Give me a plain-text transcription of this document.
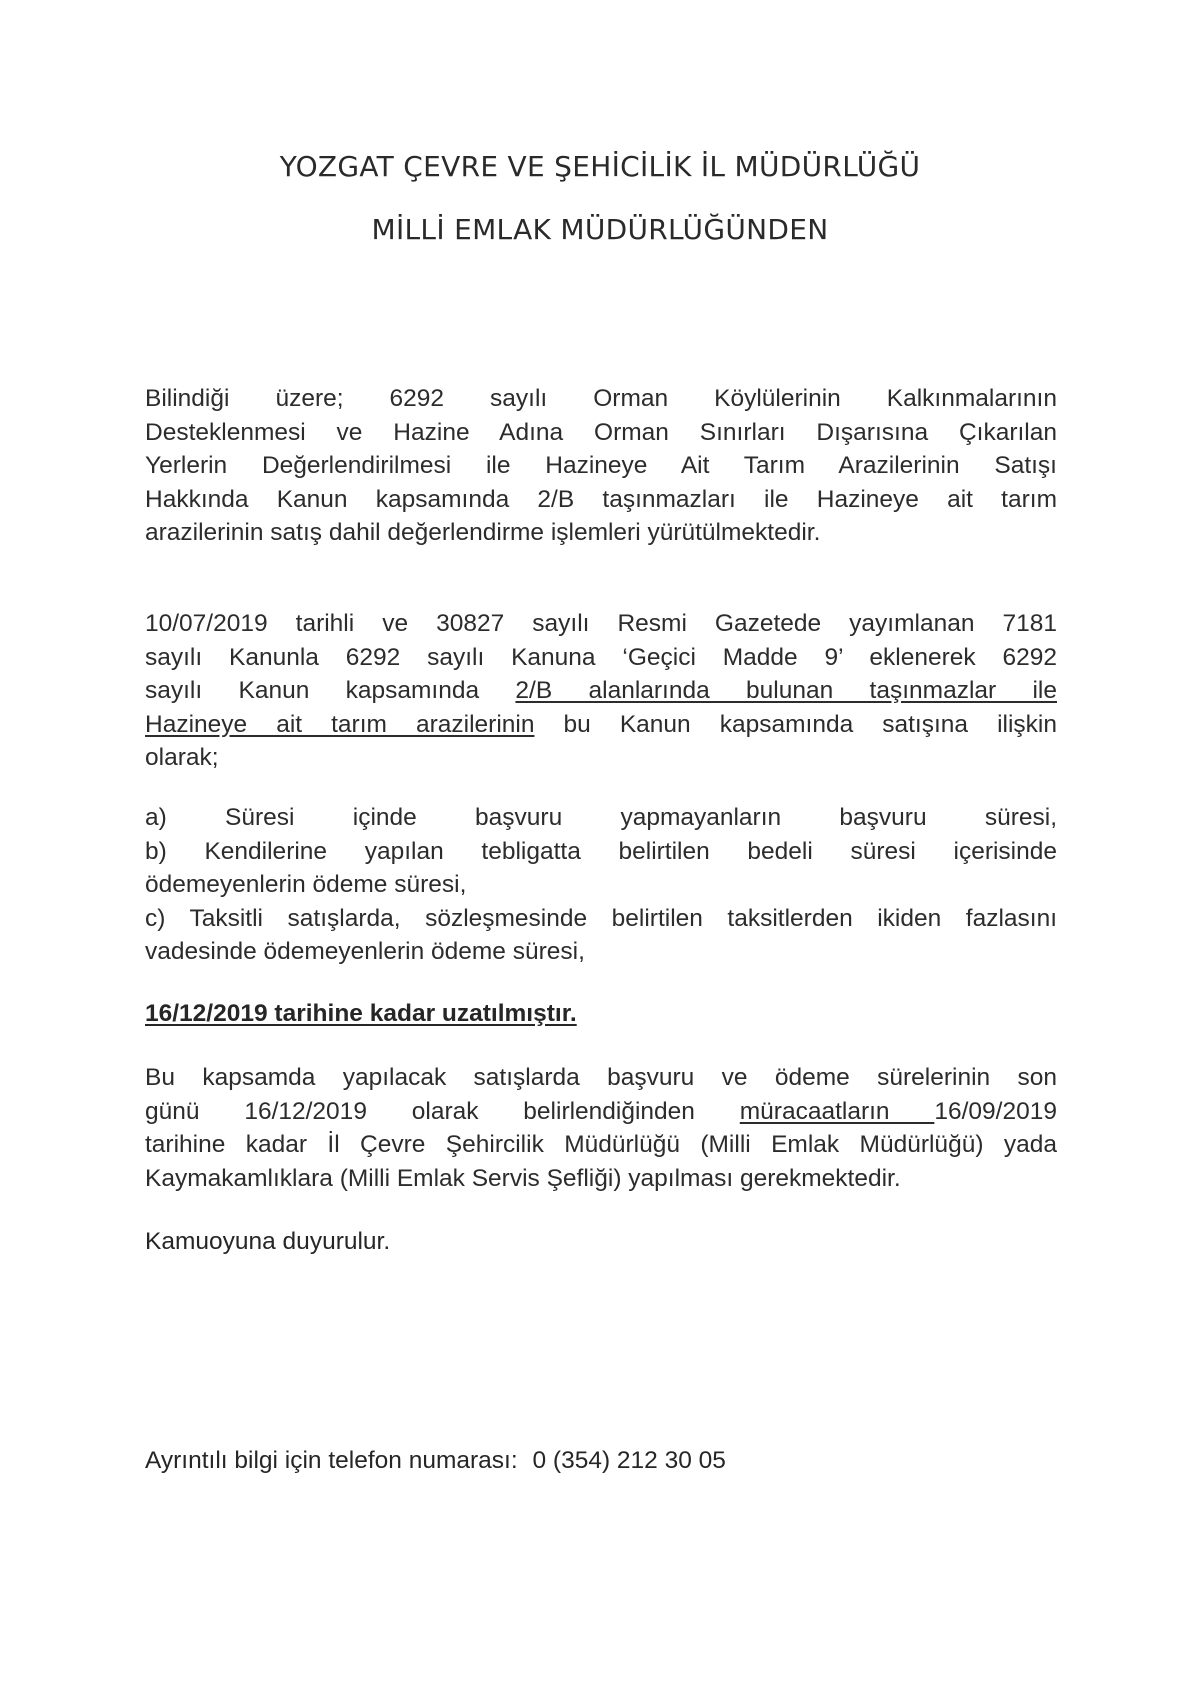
YOZGAT ÇEVRE VE ŞEHİCİLİK İL MÜDÜRLÜĞÜ
MİLLİ EMLAK MÜDÜRLÜĞÜNDEN
Bilindiği üzere; 6292 sayılı Orman Köylülerinin Kalkınmalarının
Desteklenmesi ve Hazine Adına Orman Sınırları Dışarısına Çıkarılan
Yerlerin Değerlendirilmesi ile Hazineye Ait Tarım Arazilerinin Satışı
Hakkında Kanun kapsamında 2/B taşınmazları ile Hazineye ait tarım
arazilerinin satış dahil değerlendirme işlemleri yürütülmektedir.
10/07/2019 tarihli ve 30827 sayılı Resmi Gazetede yayımlanan 7181
sayılı Kanunla 6292 sayılı Kanuna ‘Geçici Madde 9’ eklenerek 6292
sayılı Kanun kapsamında 2/B alanlarında bulunan taşınmazlar ile
Hazineye ait tarım arazilerinin bu Kanun kapsamında satışına ilişkin
olarak;
a) Süresi içinde başvuru yapmayanların başvuru süresi,
b) Kendilerine yapılan tebligatta belirtilen bedeli süresi içerisinde
ödemeyenlerin ödeme süresi,
c) Taksitli satışlarda, sözleşmesinde belirtilen taksitlerden ikiden fazlasını
vadesinde ödemeyenlerin ödeme süresi,
16/12/2019 tarihine kadar uzatılmıştır.
Bu kapsamda yapılacak satışlarda başvuru ve ödeme sürelerinin son
günü 16/12/2019 olarak belirlendiğinden müracaatların 16/09/2019
tarihine kadar İl Çevre Şehircilik Müdürlüğü (Milli Emlak Müdürlüğü) yada
Kaymakamlıklara (Milli Emlak Servis Şefliği) yapılması gerekmektedir.
Kamuoyuna duyurulur.
Ayrıntılı bilgi için telefon numarası: 0 (354) 212 30 05
